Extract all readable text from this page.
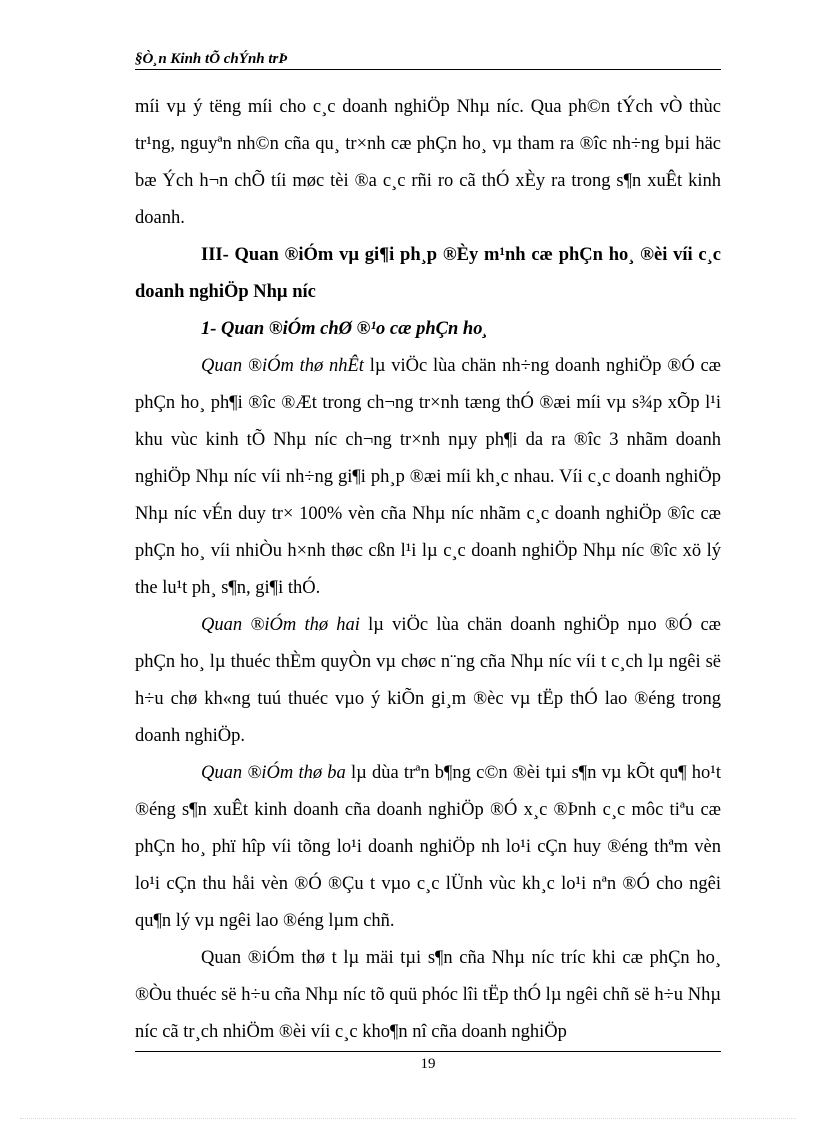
§Ò¸n Kinh tÕ chÝnh trÞ

míi vµ ý tëng míi cho c¸c doanh nghiÖp Nhµ níc. Qua ph©n tÝch vÒ thùc tr¹ng, nguyªn nh©n cña qu¸ tr×nh cæ phÇn ho¸ vµ tham ra ®îc nh÷ng bµi häc bæ Ých h¬n chÕ tíi møc tèi ®a c¸c rñi ro cã thÓ xÈy ra trong s¶n xuÊt kinh doanh.

III- Quan ®iÓm vµ gi¶i ph¸p ®Èy m¹nh cæ phÇn ho¸ ®èi víi c¸c doanh nghiÖp Nhµ níc

1- Quan ®iÓm chØ ®¹o cæ phÇn ho¸

Quan ®iÓm thø nhÊt lµ viÖc lùa chän nh÷ng doanh nghiÖp ®Ó cæ phÇn ho¸ ph¶i ®îc ®Æt trong ch¬ng tr×nh tæng thÓ ®æi míi vµ s¾p xÕp l¹i khu vùc kinh tÕ Nhµ níc ch¬ng tr×nh nµy ph¶i da ra ®îc 3 nhãm doanh nghiÖp Nhµ níc víi nh÷ng gi¶i ph¸p ®æi míi kh¸c nhau. Víi c¸c doanh nghiÖp Nhµ níc vÉn duy tr× 100% vèn cña Nhµ níc nhãm c¸c doanh nghiÖp ®îc cæ phÇn ho¸ víi nhiÒu h×nh thøc cßn l¹i lµ c¸c doanh nghiÖp Nhµ níc ®îc xö lý the lu¹t ph¸ s¶n, gi¶i thÓ.

Quan ®iÓm thø hai lµ viÖc lùa chän doanh nghiÖp nµo ®Ó cæ phÇn ho¸ lµ thuéc thÈm quyÒn vµ chøc n¨ng cña Nhµ níc víi t c¸ch lµ ngêi së h÷u chø kh«ng tuú thuéc vµo ý kiÕn gi¸m ®èc vµ tËp thÓ lao ®éng trong doanh nghiÖp.

Quan ®iÓm thø ba lµ dùa trªn b¶ng c©n ®èi tµi s¶n vµ kÕt qu¶ ho¹t ®éng s¶n xuÊt kinh doanh cña doanh nghiÖp ®Ó x¸c ®Þnh c¸c môc tiªu cæ phÇn ho¸ phï hîp víi tõng lo¹i doanh nghiÖp nh lo¹i cÇn huy ®éng thªm vèn lo¹i cÇn thu håi vèn ®Ó ®Çu t vµo c¸c lÜnh vùc kh¸c lo¹i nªn ®Ó cho ngêi qu¶n lý vµ ngêi lao ®éng lµm chñ.

Quan ®iÓm thø t lµ mäi tµi s¶n cña Nhµ níc tríc khi cæ phÇn ho¸ ®Òu thuéc së h÷u cña Nhµ níc tõ quü phóc lîi tËp thÓ lµ ngêi chñ së h÷u Nhµ níc cã tr¸ch nhiÖm ®èi víi c¸c kho¶n nî cña doanh nghiÖp

19
